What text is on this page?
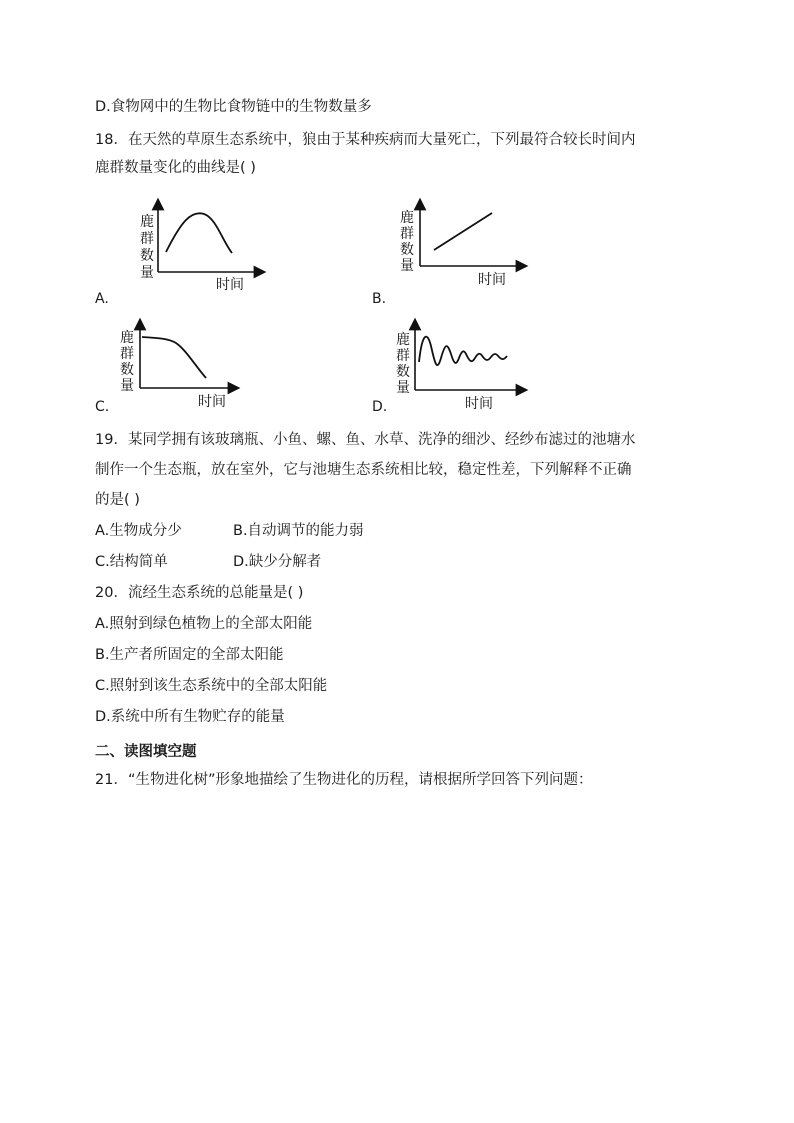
D.食物网中的生物比食物链中的生物数量多
18．在天然的草原生态系统中，狼由于某种疾病而大量死亡，下列最符合较长时间内
鹿群数量变化的曲线是( )
鹿
群
数
量
时间
A.
鹿
群
数
量
时间
B.
鹿
群
数
量
时间
C.
鹿
群
数
量
时间
D.
19．某同学拥有该玻璃瓶、小鱼、螺、鱼、水草、洗净的细沙、经纱布滤过的池塘水
制作一个生态瓶，放在室外，它与池塘生态系统相比较，稳定性差，下列解释不正确
的是( )
A.生物成分少	B.自动调节的能力弱
C.结构简单	D.缺少分解者
20．流经生态系统的总能量是( )
A.照射到绿色植物上的全部太阳能
B.生产者所固定的全部太阳能
C.照射到该生态系统中的全部太阳能
D.系统中所有生物贮存的能量
二、读图填空题
21．“生物进化树”形象地描绘了生物进化的历程，请根据所学回答下列问题：
